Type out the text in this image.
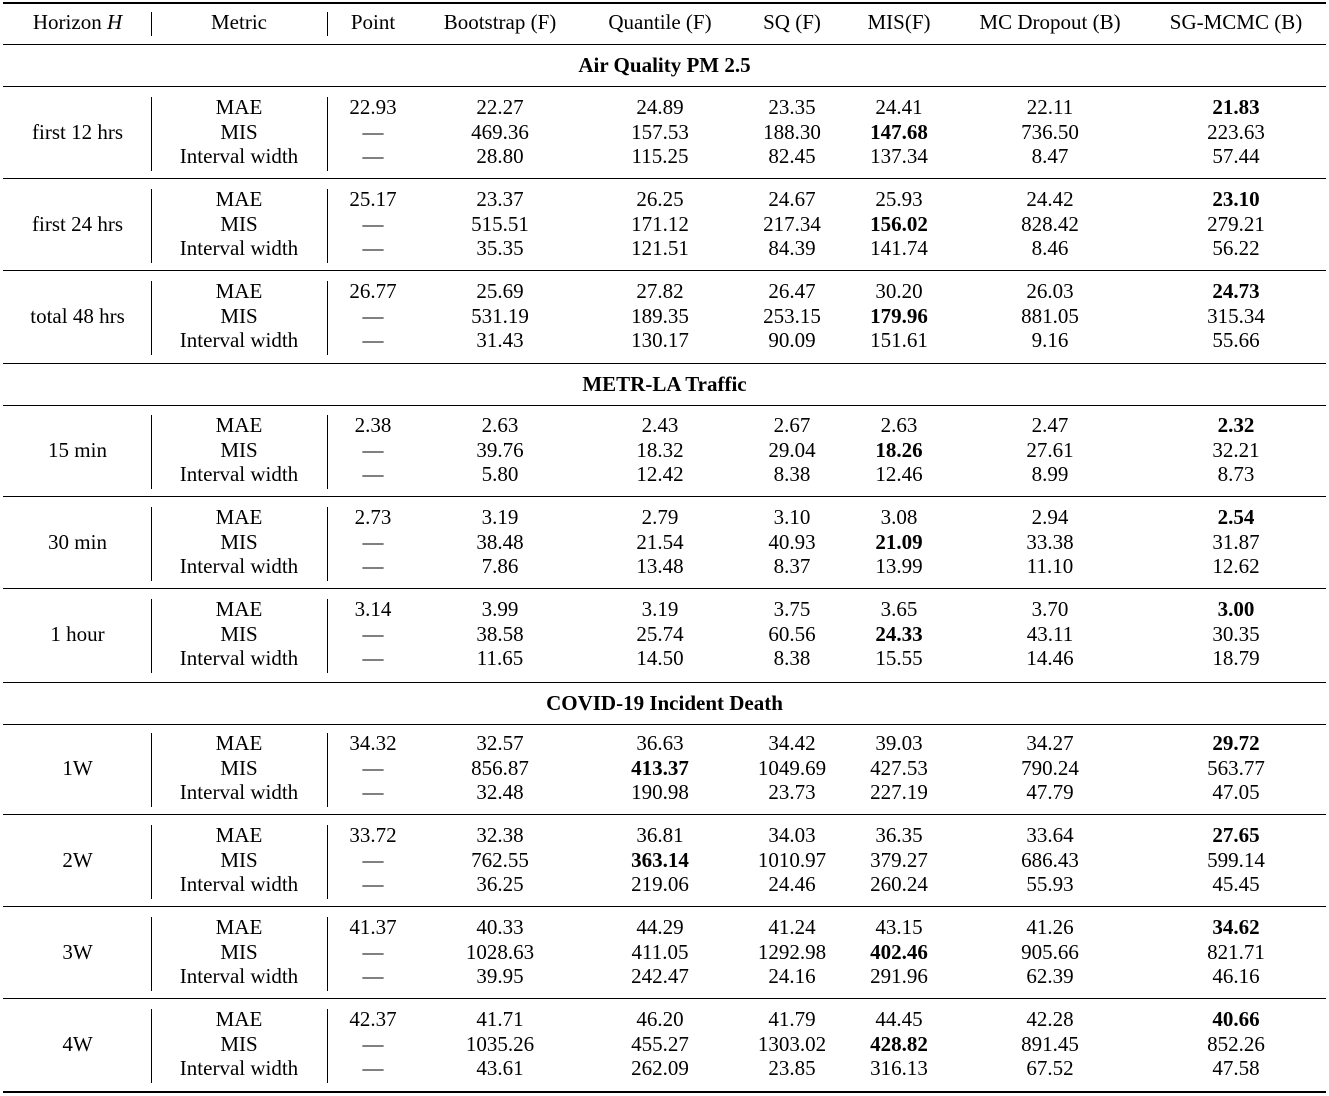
Horizon H	Metric	Point	Bootstrap (F)	Quantile (F)	SQ (F)	MIS(F)	MC Dropout (B)	SG-MCMC (B)
Air Quality PM 2.5
first 12 hrs
MAE	22.93	22.27	24.89	23.35	24.41	22.11	21.83
MIS	—	469.36	157.53	188.30	147.68	736.50	223.63
Interval width	—	28.80	115.25	82.45	137.34	8.47	57.44
first 24 hrs
MAE	25.17	23.37	26.25	24.67	25.93	24.42	23.10
MIS	—	515.51	171.12	217.34	156.02	828.42	279.21
Interval width	—	35.35	121.51	84.39	141.74	8.46	56.22
total 48 hrs
MAE	26.77	25.69	27.82	26.47	30.20	26.03	24.73
MIS	—	531.19	189.35	253.15	179.96	881.05	315.34
Interval width	—	31.43	130.17	90.09	151.61	9.16	55.66
METR-LA Traffic
15 min
MAE	2.38	2.63	2.43	2.67	2.63	2.47	2.32
MIS	—	39.76	18.32	29.04	18.26	27.61	32.21
Interval width	—	5.80	12.42	8.38	12.46	8.99	8.73
30 min
MAE	2.73	3.19	2.79	3.10	3.08	2.94	2.54
MIS	—	38.48	21.54	40.93	21.09	33.38	31.87
Interval width	—	7.86	13.48	8.37	13.99	11.10	12.62
1 hour
MAE	3.14	3.99	3.19	3.75	3.65	3.70	3.00
MIS	—	38.58	25.74	60.56	24.33	43.11	30.35
Interval width	—	11.65	14.50	8.38	15.55	14.46	18.79
COVID-19 Incident Death
1W
MAE	34.32	32.57	36.63	34.42	39.03	34.27	29.72
MIS	—	856.87	413.37	1049.69	427.53	790.24	563.77
Interval width	—	32.48	190.98	23.73	227.19	47.79	47.05
2W
MAE	33.72	32.38	36.81	34.03	36.35	33.64	27.65
MIS	—	762.55	363.14	1010.97	379.27	686.43	599.14
Interval width	—	36.25	219.06	24.46	260.24	55.93	45.45
3W
MAE	41.37	40.33	44.29	41.24	43.15	41.26	34.62
MIS	—	1028.63	411.05	1292.98	402.46	905.66	821.71
Interval width	—	39.95	242.47	24.16	291.96	62.39	46.16
4W
MAE	42.37	41.71	46.20	41.79	44.45	42.28	40.66
MIS	—	1035.26	455.27	1303.02	428.82	891.45	852.26
Interval width	—	43.61	262.09	23.85	316.13	67.52	47.58
